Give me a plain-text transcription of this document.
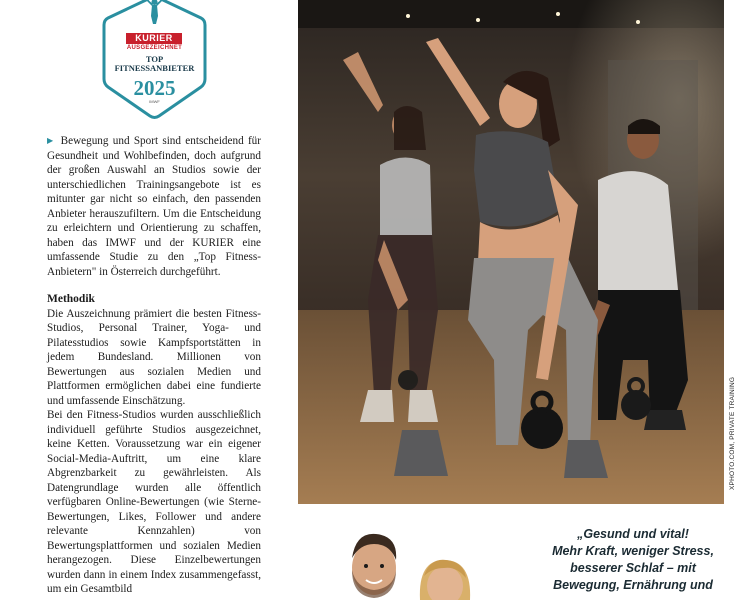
KURIER
AUSGEZEICHNET
TOP
FITNESSANBIETER
2025
IMWF

▶ Bewegung und Sport sind entscheidend für Gesundheit und Wohlbefinden, doch aufgrund der großen Auswahl an Studios sowie der unterschiedlichen Trainingsangebote ist es mitunter gar nicht so einfach, den passenden Anbieter herauszufiltern. Um die Entscheidung zu erleichtern und Orientierung zu schaffen, haben das IMWF und der KURIER eine umfassende Studie zu den „Top Fitness-Anbietern" in Österreich durchgeführt.

Methodik

Die Auszeichnung prämiert die besten Fitness-Studios, Personal Trainer, Yoga- und Pilatesstudios sowie Kampfsportstätten in jedem Bundesland. Millionen von Bewertungen aus sozialen Medien und Plattformen ermöglichen dabei eine fundierte und umfassende Einschätzung.

Bei den Fitness-Studios wurden ausschließlich individuell geführte Studios ausgezeichnet, keine Ketten. Voraussetzung war ein eigener Social-Media-Auftritt, um eine klare Abgrenzbarkeit zu gewährleisten. Als Datengrundlage wurden alle öffentlich verfügbaren Online-Bewertungen (wie Sterne-Bewertungen, Likes, Follower und andere relevante Kennzahlen) von Bewertungsplattformen und sozialen Medien herangezogen. Diese Einzelbewertungen wurden dann in einem Index zusammengefasst, um ein Gesamtbild

XPHOTO.COM, PRIVATE TRAINING
„Gesund und vital!
Mehr Kraft, weniger Stress,
besserer Schlaf – mit
Bewegung, Ernährung und
